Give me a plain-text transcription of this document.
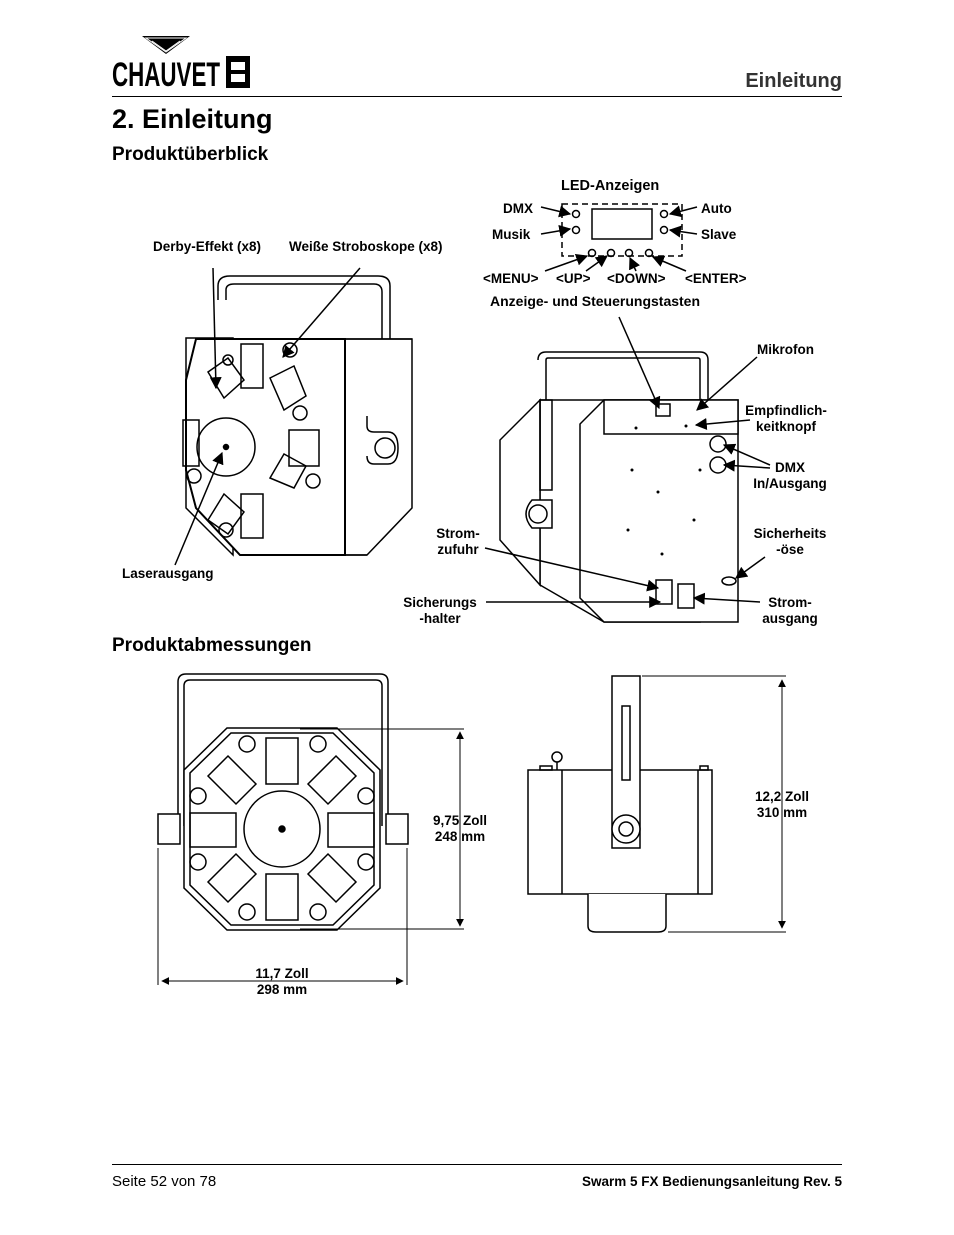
CHAUVET	Einleitung
2. Einleitung
Produktüberblick
Produktabmessungen
Derby-Effekt (x8) Weiße Stroboskope (x8)
Laserausgang
LED-Anzeigen
DMX
Musik
Auto
Slave
<MENU> <UP> <DOWN> <ENTER>
Anzeige- und Steuerungstasten
Mikrofon
Empfindlich-
keitknopf
DMX
In/Ausgang
Strom-
zufuhr
Sicherheits
-öse
Sicherungs
-halter
Strom-
ausgang
9,75 Zoll
248 mm
11,7 Zoll
298 mm
12,2 Zoll
310 mm
Seite 52 von 78	Swarm 5 FX Bedienungsanleitung Rev. 5
